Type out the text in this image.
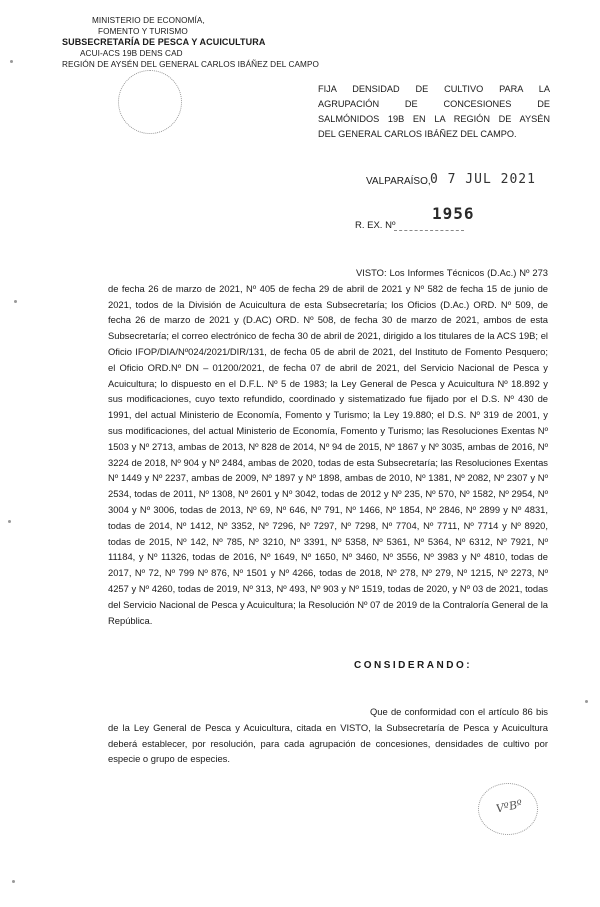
MINISTERIO DE ECONOMÍA,
FOMENTO Y TURISMO
SUBSECRETARÍA DE PESCA Y ACUICULTURA
ACUI-ACS 19B DENS CAD
REGIÓN DE AYSÉN DEL GENERAL CARLOS IBÁÑEZ DEL CAMPO
FIJA DENSIDAD DE CULTIVO PARA LA
AGRUPACIÓN DE CONCESIONES DE
SALMÓNIDOS 19B EN LA REGIÓN DE AYSÉN
DEL GENERAL CARLOS IBÁÑEZ DEL CAMPO.
VALPARAÍSO, 0 7 JUL 2021
1956
R. EX. Nº
VISTO: Los Informes Técnicos (D.Ac.) Nº 273 de fecha 26 de marzo de 2021, Nº 405 de fecha 29 de abril de 2021 y Nº 582 de fecha 15 de junio de 2021, todos de la División de Acuicultura de esta Subsecretaría; los Oficios (D.Ac.) ORD. Nº 509, de fecha 26 de marzo de 2021 y (D.AC) ORD. Nº 508, de fecha 30 de marzo de 2021, ambos de esta Subsecretaría; el correo electrónico de fecha 30 de abril de 2021, dirigido a los titulares de la ACS 19B; el Oficio IFOP/DIA/Nº024/2021/DIR/131, de fecha 05 de abril de 2021, del Instituto de Fomento Pesquero; el Oficio ORD.Nº DN – 01200/2021, de fecha 07 de abril de 2021, del Servicio Nacional de Pesca y Acuicultura; lo dispuesto en el D.F.L. Nº 5 de 1983; la Ley General de Pesca y Acuicultura Nº 18.892 y sus modificaciones, cuyo texto refundido, coordinado y sistematizado fue fijado por el D.S. Nº 430 de 1991, del actual Ministerio de Economía, Fomento y Turismo; la Ley 19.880; el D.S. Nº 319 de 2001, y sus modificaciones, del actual Ministerio de Economía, Fomento y Turismo; las Resoluciones Exentas Nº 1503 y Nº 2713, ambas de 2013, Nº 828 de 2014, Nº 94 de 2015, Nº 1867 y Nº 3035, ambas de 2016, Nº 3224 de 2018, Nº 904 y Nº 2484, ambas de 2020, todas de esta Subsecretaría; las Resoluciones Exentas Nº 1449 y Nº 2237, ambas de 2009, Nº 1897 y Nº 1898, ambas de 2010, Nº 1381, Nº 2082, Nº 2307 y Nº 2534, todas de 2011, Nº 1308, Nº 2601 y Nº 3042, todas de 2012 y Nº 235, Nº 570, Nº 1582, Nº 2954, Nº 3004 y Nº 3006, todas de 2013, Nº 69, Nº 646, Nº 791, Nº 1466, Nº 1854, Nº 2846, Nº 2899 y Nº 4831, todas de 2014, Nº 1412, Nº 3352, Nº 7296, Nº 7297, Nº 7298, Nº 7704, Nº 7711, Nº 7714 y Nº 8920, todas de 2015, Nº 142, Nº 785, Nº 3210, Nº 3391, Nº 5358, Nº 5361, Nº 5364, Nº 6312, Nº 7921, Nº 11184, y Nº 11326, todas de 2016, Nº 1649, Nº 1650, Nº 3460, Nº 3556, Nº 3983 y Nº 4810, todas de 2017, Nº 72, Nº 799 Nº 876, Nº 1501 y Nº 4266, todas de 2018, Nº 278, Nº 279, Nº 1215, Nº 2273, Nº 4257 y Nº 4260, todas de 2019, Nº 313, Nº 493, Nº 903 y Nº 1519, todas de 2020, y Nº 03 de 2021, todas del Servicio Nacional de Pesca y Acuicultura; la Resolución Nº 07 de 2019 de la Contraloría General de la República.
CONSIDERANDO:
Que de conformidad con el artículo 86 bis de la Ley General de Pesca y Acuicultura, citada en VISTO, la Subsecretaría de Pesca y Acuicultura deberá establecer, por resolución, para cada agrupación de concesiones, densidades de cultivo por especie o grupo de especies.
VºBº
